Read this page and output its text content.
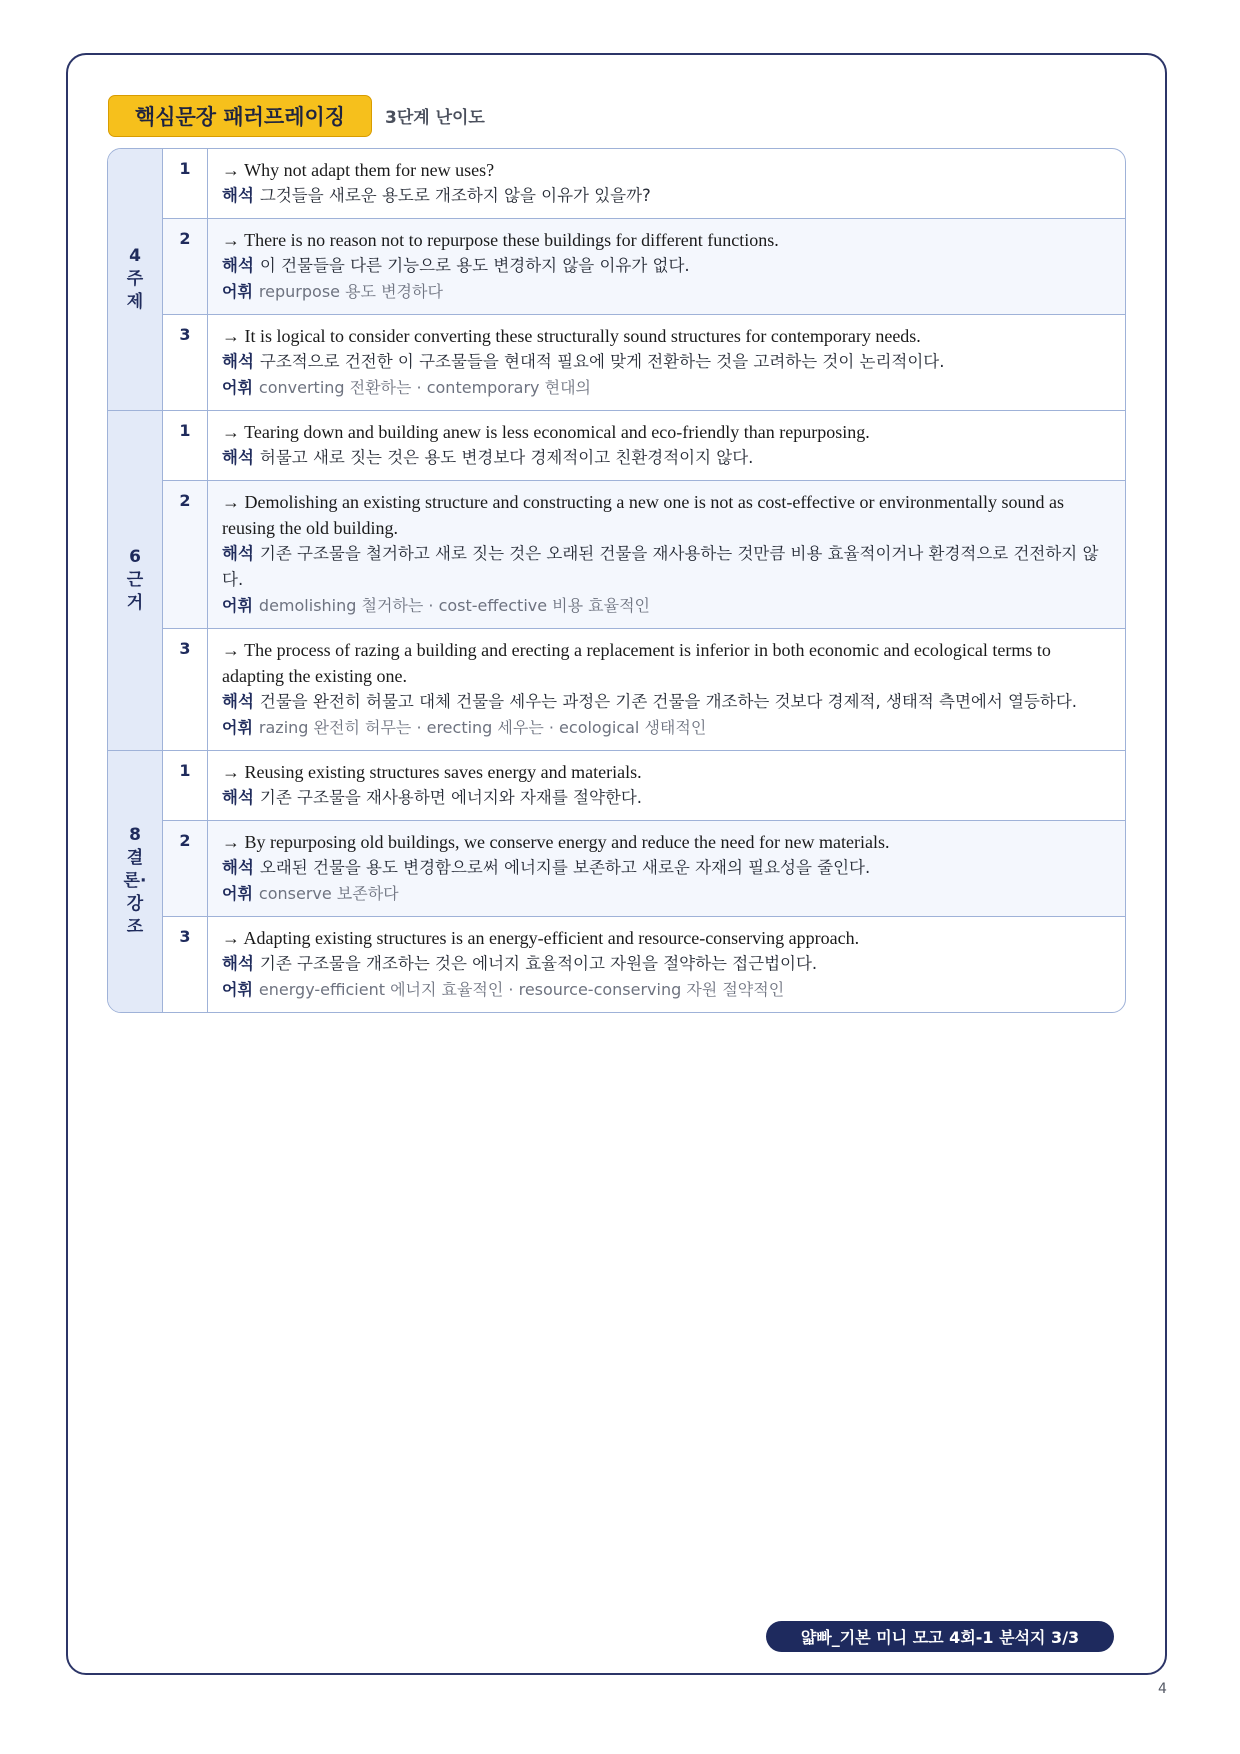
핵심문장 패러프레이징	3단계 난이도
4
주
제
1	→ Why not adapt them for new uses?
해석 그것들을 새로운 용도로 개조하지 않을 이유가 있을까?
2	→ There is no reason not to repurpose these buildings for different functions.
해석 이 건물들을 다른 기능으로 용도 변경하지 않을 이유가 없다.
어휘 repurpose 용도 변경하다
3	→ It is logical to consider converting these structurally sound structures for contemporary needs.
해석 구조적으로 건전한 이 구조물들을 현대적 필요에 맞게 전환하는 것을 고려하는 것이 논리적이다.
어휘 converting 전환하는 · contemporary 현대의
6
근
거
1	→ Tearing down and building anew is less economical and eco-friendly than repurposing.
해석 허물고 새로 짓는 것은 용도 변경보다 경제적이고 친환경적이지 않다.
2	→ Demolishing an existing structure and constructing a new one is not as cost-effective or environmentally sound as reusing the old building.
해석 기존 구조물을 철거하고 새로 짓는 것은 오래된 건물을 재사용하는 것만큼 비용 효율적이거나 환경적으로 건전하지 않다.
어휘 demolishing 철거하는 · cost-effective 비용 효율적인
3	→ The process of razing a building and erecting a replacement is inferior in both economic and ecological terms to adapting the existing one.
해석 건물을 완전히 허물고 대체 건물을 세우는 과정은 기존 건물을 개조하는 것보다 경제적, 생태적 측면에서 열등하다.
어휘 razing 완전히 허무는 · erecting 세우는 · ecological 생태적인
8
결
론·
강
조
1	→ Reusing existing structures saves energy and materials.
해석 기존 구조물을 재사용하면 에너지와 자재를 절약한다.
2	→ By repurposing old buildings, we conserve energy and reduce the need for new materials.
해석 오래된 건물을 용도 변경함으로써 에너지를 보존하고 새로운 자재의 필요성을 줄인다.
어휘 conserve 보존하다
3	→ Adapting existing structures is an energy-efficient and resource-conserving approach.
해석 기존 구조물을 개조하는 것은 에너지 효율적이고 자원을 절약하는 접근법이다.
어휘 energy-efficient 에너지 효율적인 · resource-conserving 자원 절약적인
얇빠_기본 미니 모고 4회-1 분석지 3/3
4
